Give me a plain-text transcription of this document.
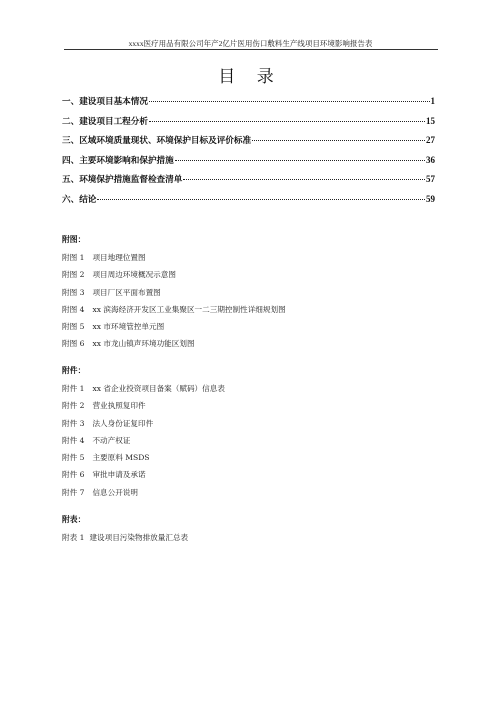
xxxx医疗用品有限公司年产2亿片医用伤口敷料生产线项目环境影响报告表
目 录
一、建设项目基本情况	1
二、建设项目工程分析	15
三、区域环境质量现状、环境保护目标及评价标准	27
四、主要环境影响和保护措施	36
五、环境保护措施监督检查清单	57
六、结论	59
附图：
附图 1 项目地理位置图
附图 2 项目周边环境概况示意图
附图 3 项目厂区平面布置图
附图 4 xx 滨海经济开发区工业集聚区一二三期控制性详细规划图
附图 5 xx 市环境管控单元图
附图 6 xx 市龙山镇声环境功能区划图
附件：
附件 1 xx 省企业投资项目备案（赋码）信息表
附件 2 营业执照复印件
附件 3 法人身份证复印件
附件 4 不动产权证
附件 5 主要原料 MSDS
附件 6 审批申请及承诺
附件 7 信息公开说明
附表：
附表 1 建设项目污染物排放量汇总表
